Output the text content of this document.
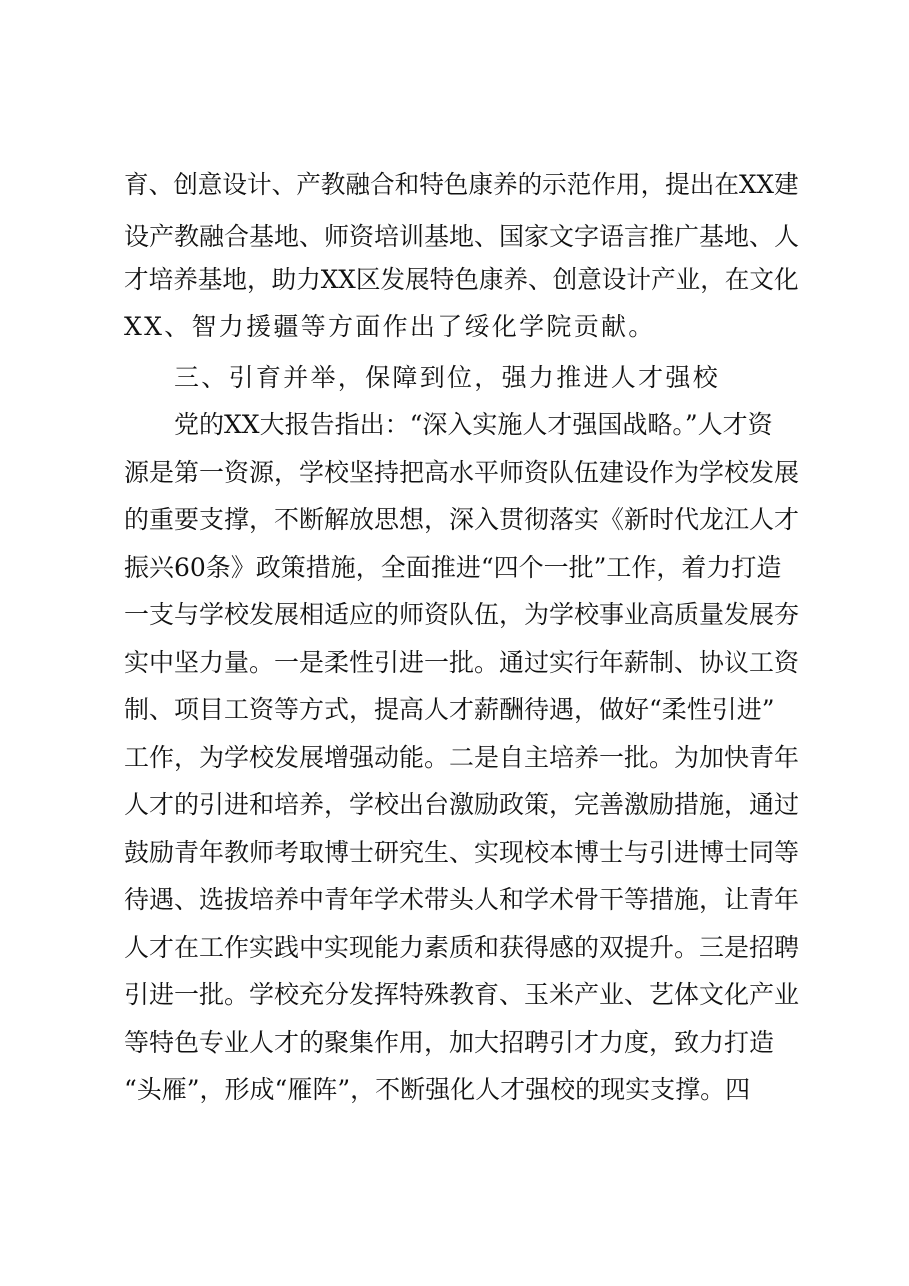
育、创意设计、产教融合和特色康养的示范作用，提出在XX建
设产教融合基地、师资培训基地、国家文字语言推广基地、人
才培养基地，助力XX区发展特色康养、创意设计产业，在文化
XX、智力援疆等方面作出了绥化学院贡献。
三、引育并举，保障到位，强力推进人才强校
党的XX大报告指出：“深入实施人才强国战略。”人才资
源是第一资源，学校坚持把高水平师资队伍建设作为学校发展
的重要支撑，不断解放思想，深入贯彻落实《新时代龙江人才
振兴60条》政策措施，全面推进“四个一批”工作，着力打造
一支与学校发展相适应的师资队伍，为学校事业高质量发展夯
实中坚力量。一是柔性引进一批。通过实行年薪制、协议工资
制、项目工资等方式，提高人才薪酬待遇，做好“柔性引进”
工作，为学校发展增强动能。二是自主培养一批。为加快青年
人才的引进和培养，学校出台激励政策，完善激励措施，通过
鼓励青年教师考取博士研究生、实现校本博士与引进博士同等
待遇、选拔培养中青年学术带头人和学术骨干等措施，让青年
人才在工作实践中实现能力素质和获得感的双提升。三是招聘
引进一批。学校充分发挥特殊教育、玉米产业、艺体文化产业
等特色专业人才的聚集作用，加大招聘引才力度，致力打造
“头雁”，形成“雁阵”，不断强化人才强校的现实支撑。四
